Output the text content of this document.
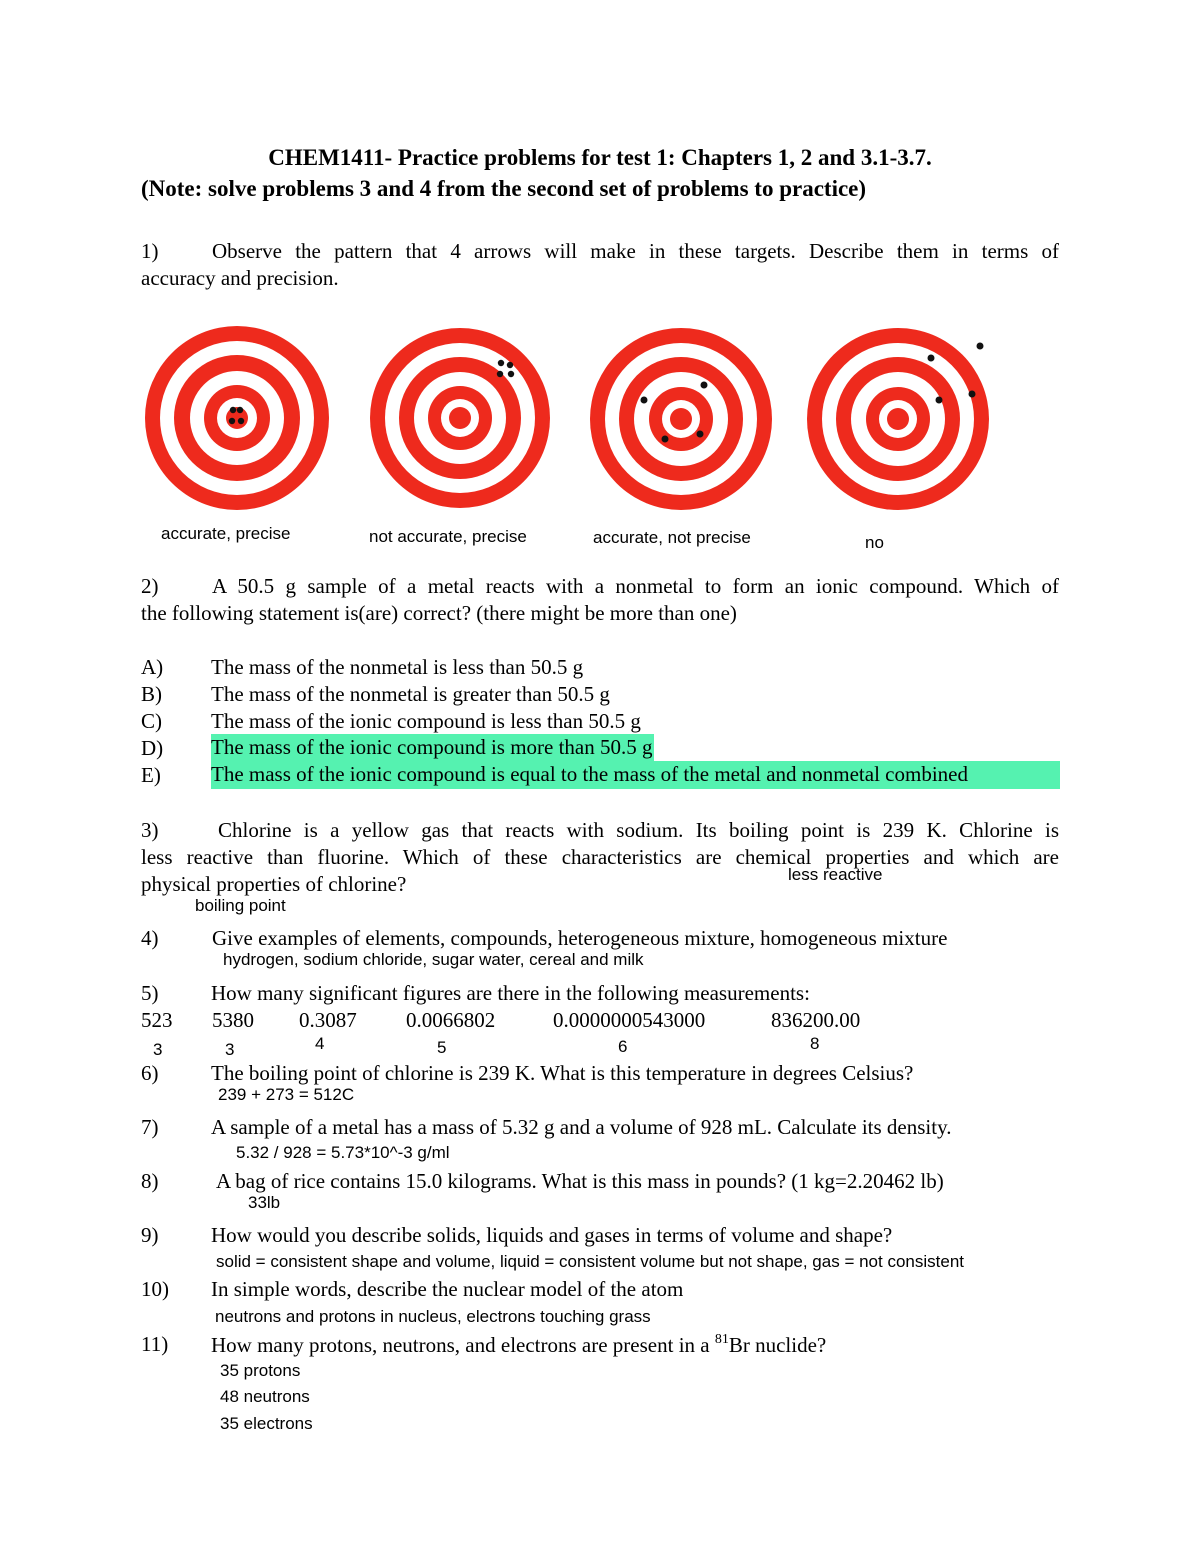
CHEM1411- Practice problems for test 1: Chapters 1, 2 and 3.1-3.7.
(Note: solve problems 3 and 4 from the second set of problems to practice)
1)	Observe the pattern that 4 arrows will make in these targets. Describe them in terms of
accuracy and precision.
accurate, precise	not accurate, precise	accurate, not precise	no
2)	A 50.5 g sample of a metal reacts with a nonmetal to form an ionic compound. Which of
the following statement is(are) correct? (there might be more than one)
A) The mass of the nonmetal is less than 50.5 g
B) The mass of the nonmetal is greater than 50.5 g
C) The mass of the ionic compound is less than 50.5 g
D) The mass of the ionic compound is more than 50.5 g
E) The mass of the ionic compound is equal to the mass of the metal and nonmetal combined
3)	Chlorine is a yellow gas that reacts with sodium. Its boiling point is 239 K. Chlorine is
less reactive than fluorine. Which of these characteristics are chemical properties and which are
physical properties of chlorine?	less reactive
boiling point
4)	Give examples of elements, compounds, heterogeneous mixture, homogeneous mixture
hydrogen, sodium chloride, sugar water, cereal and milk
5)	How many significant figures are there in the following measurements:
523 5380 0.3087 0.0066802	0.0000000543000	836200.00
3	3	4	5	6	8
6)	The boiling point of chlorine is 239 K. What is this temperature in degrees Celsius?
239 + 273 = 512C
7)	A sample of a metal has a mass of 5.32 g and a volume of 928 mL. Calculate its density.
5.32 / 928 = 5.73*10^-3 g/ml
8)	A bag of rice contains 15.0 kilograms. What is this mass in pounds? (1 kg=2.20462 lb)
33lb
9)	How would you describe solids, liquids and gases in terms of volume and shape?
solid = consistent shape and volume, liquid = consistent volume but not shape, gas = not consistent
10) In simple words, describe the nuclear model of the atom
neutrons and protons in nucleus, electrons touching grass
11) How many protons, neutrons, and electrons are present in a $^{81}$Br nuclide?
35 protons
48 neutrons
35 electrons
